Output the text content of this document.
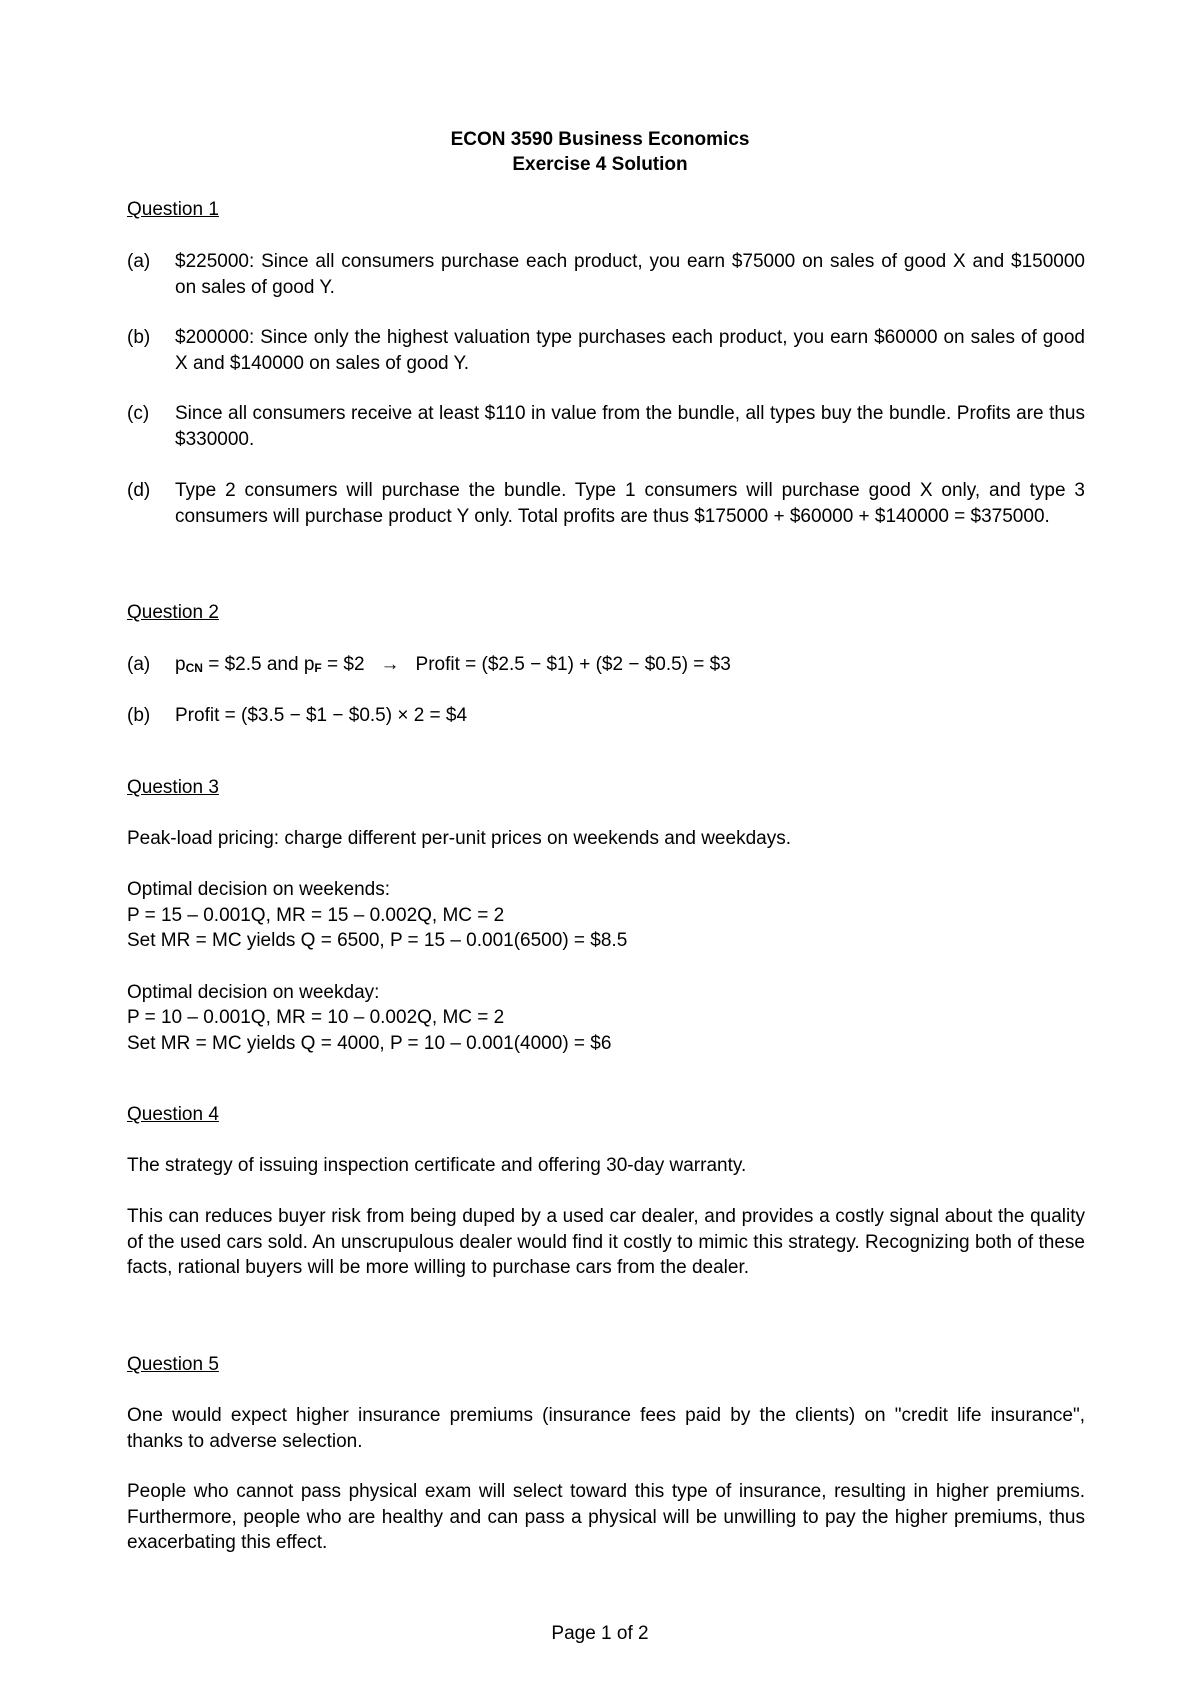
ECON 3590 Business Economics
Exercise 4 Solution
Question 1
(a) $225000: Since all consumers purchase each product, you earn $75000 on sales of good X and $150000 on sales of good Y.
(b) $200000: Since only the highest valuation type purchases each product, you earn $60000 on sales of good X and $140000 on sales of good Y.
(c) Since all consumers receive at least $110 in value from the bundle, all types buy the bundle. Profits are thus $330000.
(d) Type 2 consumers will purchase the bundle. Type 1 consumers will purchase good X only, and type 3 consumers will purchase product Y only. Total profits are thus $175000 + $60000 + $140000 = $375000.
Question 2
(a) pCN = $2.5 and pF = $2 → Profit = ($2.5 − $1) + ($2 − $0.5) = $3
(b) Profit = ($3.5 − $1 − $0.5) × 2 = $4
Question 3
Peak-load pricing: charge different per-unit prices on weekends and weekdays.
Optimal decision on weekends:
P = 15 – 0.001Q, MR = 15 – 0.002Q, MC = 2
Set MR = MC yields Q = 6500, P = 15 – 0.001(6500) = $8.5
Optimal decision on weekday:
P = 10 – 0.001Q, MR = 10 – 0.002Q, MC = 2
Set MR = MC yields Q = 4000, P = 10 – 0.001(4000) = $6
Question 4
The strategy of issuing inspection certificate and offering 30-day warranty.
This can reduces buyer risk from being duped by a used car dealer, and provides a costly signal about the quality of the used cars sold. An unscrupulous dealer would find it costly to mimic this strategy. Recognizing both of these facts, rational buyers will be more willing to purchase cars from the dealer.
Question 5
One would expect higher insurance premiums (insurance fees paid by the clients) on "credit life insurance", thanks to adverse selection.
People who cannot pass physical exam will select toward this type of insurance, resulting in higher premiums. Furthermore, people who are healthy and can pass a physical will be unwilling to pay the higher premiums, thus exacerbating this effect.
Page 1 of 2
